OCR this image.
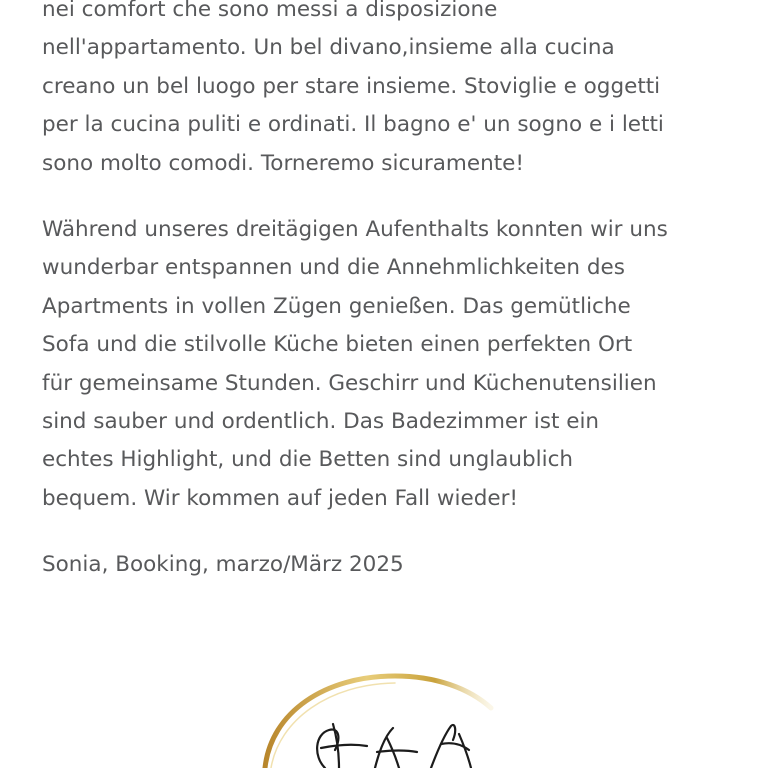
nei comfort che sono messi a disposizione
nell'appartamento. Un bel divano,insieme alla cucina
creano un bel luogo per stare insieme. Stoviglie e oggetti
per la cucina puliti e ordinati. Il bagno e' un sogno e i letti
sono molto comodi. Torneremo sicuramente!

Während unseres dreitägigen Aufenthalts konnten wir uns
wunderbar entspannen und die Annehmlichkeiten des
Apartments in vollen Zügen genießen. Das gemütliche
Sofa und die stilvolle Küche bieten einen perfekten Ort
für gemeinsame Stunden. Geschirr und Küchenutensilien
sind sauber und ordentlich. Das Badezimmer ist ein
echtes Highlight, und die Betten sind unglaublich
bequem. Wir kommen auf jeden Fall wieder!

Sonia, Booking, marzo/März 2025
